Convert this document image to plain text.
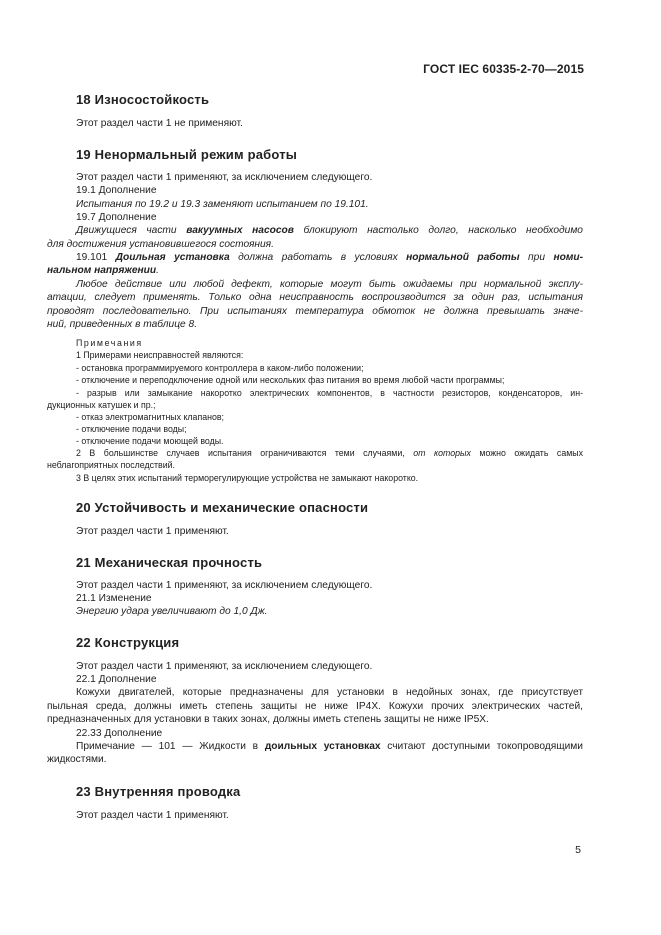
ГОСТ IEC 60335-2-70—2015
18 Износостойкость
Этот раздел части 1 не применяют.
19 Ненормальный режим работы
Этот раздел части 1 применяют, за исключением следующего.
19.1 Дополнение
Испытания по 19.2 и 19.3 заменяют испытанием по 19.101.
19.7 Дополнение
Движущиеся части вакуумных насосов блокируют настолько долго, насколько необходимо
для достижения установившегося состояния.
19.101 Доильная установка должна работать в условиях нормальной работы при номи-
нальном напряжении.
Любое действие или любой дефект, которые могут быть ожидаемы при нормальной эксплу-
атации, следует применять. Только одна неисправность воспроизводится за один раз, испытания
проводят последовательно. При испытаниях температура обмоток не должна превышать значе-
ний, приведенных в таблице 8.
Примечания
1 Примерами неисправностей являются:
- остановка программируемого контроллера в каком-либо положении;
- отключение и переподключение одной или нескольких фаз питания во время любой части программы;
- разрыв или замыкание накоротко электрических компонентов, в частности резисторов, конденсаторов, ин-
дукционных катушек и пр.;
- отказ электромагнитных клапанов;
- отключение подачи воды;
- отключение подачи моющей воды.
2 В большинстве случаев испытания ограничиваются теми случаями, от которых можно ожидать самых
неблагоприятных последствий.
3 В целях этих испытаний терморегулирующие устройства не замыкают накоротко.
20 Устойчивость и механические опасности
Этот раздел части 1 применяют.
21 Механическая прочность
Этот раздел части 1 применяют, за исключением следующего.
21.1 Изменение
Энергию удара увеличивают до 1,0 Дж.
22 Конструкция
Этот раздел части 1 применяют, за исключением следующего.
22.1 Дополнение
Кожухи двигателей, которые предназначены для установки в недойных зонах, где присутствует
пыльная среда, должны иметь степень защиты не ниже IP4X. Кожухи прочих электрических частей,
предназначенных для установки в таких зонах, должны иметь степень защиты не ниже IP5X.
22.33 Дополнение
Примечание — 101 — Жидкости в доильных установках считают доступными токопроводящими
жидкостями.
23 Внутренняя проводка
Этот раздел части 1 применяют.
5
